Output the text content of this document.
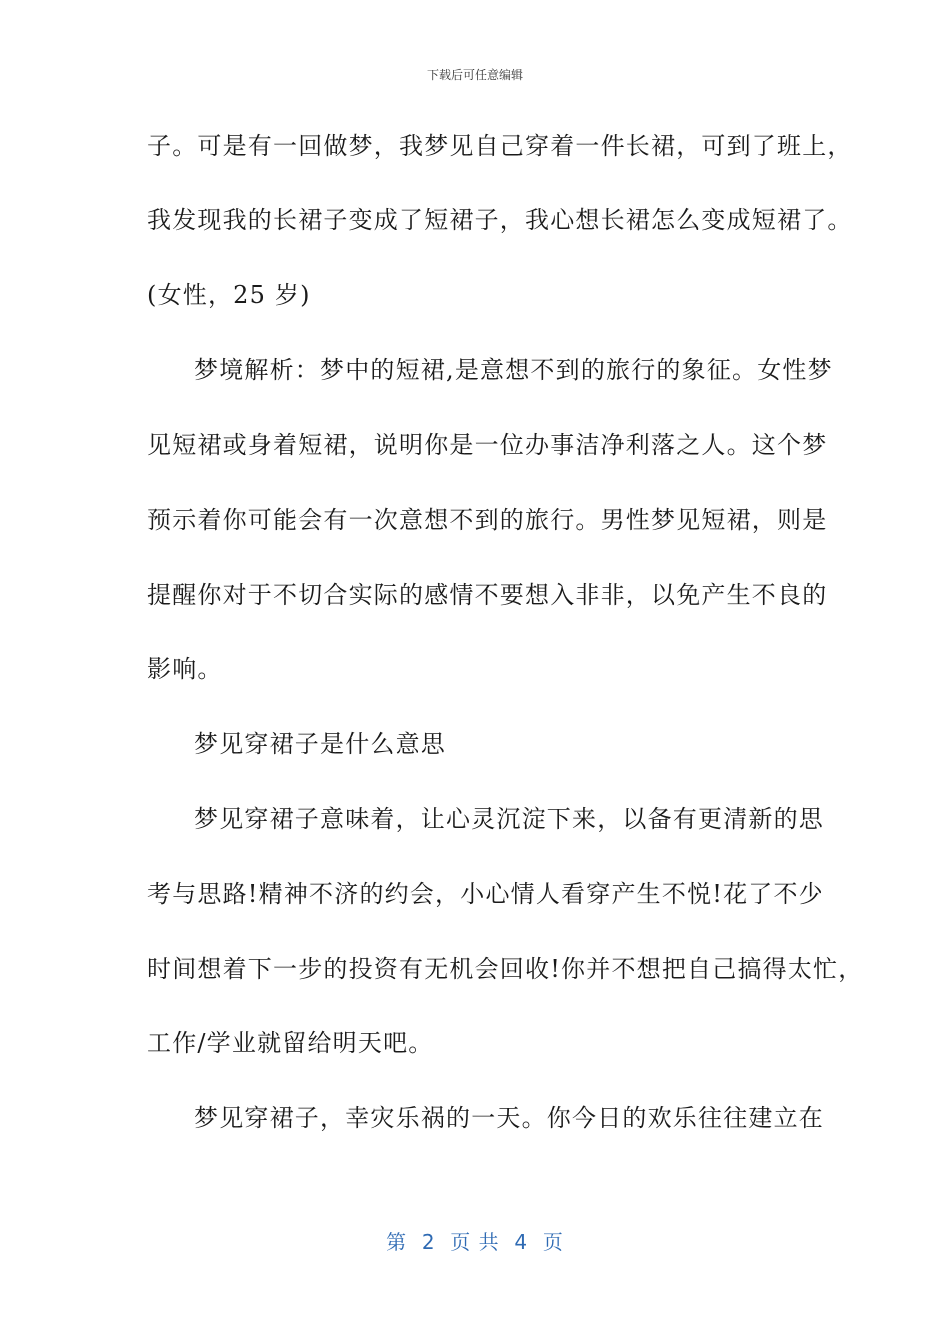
下载后可任意编辑
子。可是有一回做梦，我梦见自己穿着一件长裙，可到了班上，
我发现我的长裙子变成了短裙子，我心想长裙怎么变成短裙了。
(女性，25 岁)
梦境解析：梦中的短裙,是意想不到的旅行的象征。女性梦
见短裙或身着短裙，说明你是一位办事洁净利落之人。这个梦
预示着你可能会有一次意想不到的旅行。男性梦见短裙，则是
提醒你对于不切合实际的感情不要想入非非，以免产生不良的
影响。
梦见穿裙子是什么意思
梦见穿裙子意味着，让心灵沉淀下来，以备有更清新的思
考与思路!精神不济的约会，小心情人看穿产生不悦!花了不少
时间想着下一步的投资有无机会回收!你并不想把自己搞得太忙，
工作/学业就留给明天吧。
梦见穿裙子，幸灾乐祸的一天。你今日的欢乐往往建立在
第  2  页 共  4  页
